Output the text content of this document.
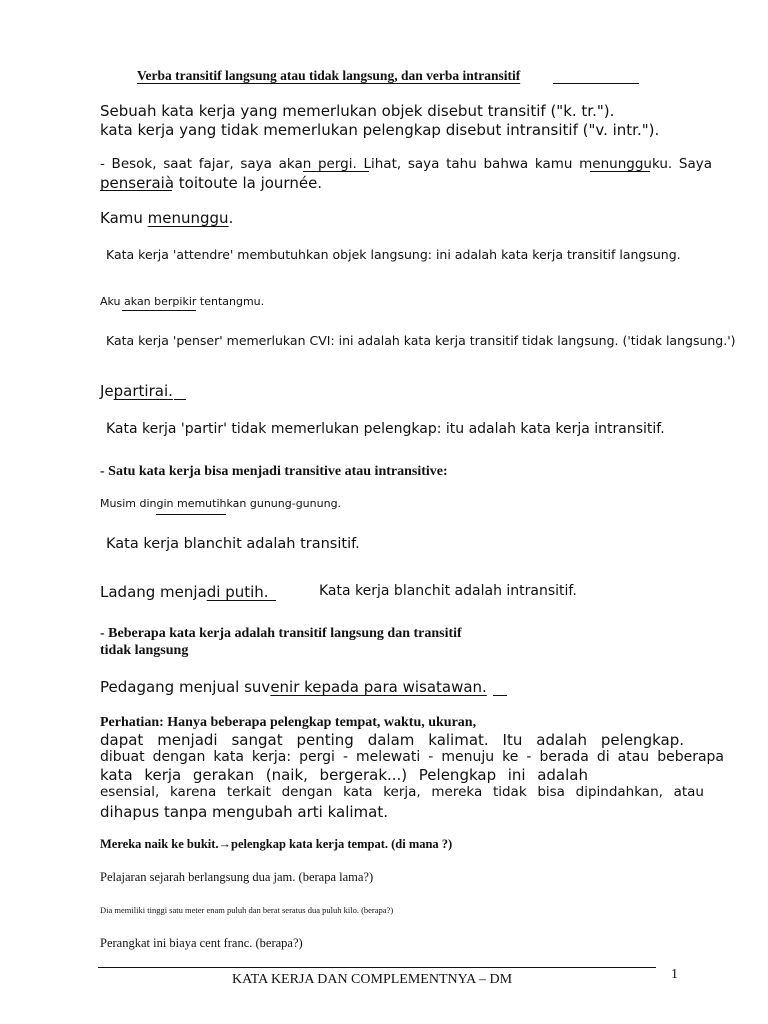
Verba transitif langsung atau tidak langsung, dan verba intransitif

Sebuah kata kerja yang memerlukan objek disebut transitif ("k. tr.").

kata kerja yang tidak memerlukan pelengkap disebut intransitif ("v. intr.").

- Besok, saat fajar, saya akan pergi. Lihat, saya tahu bahwa kamu menungguku. Saya

penseraià toitoute la journée.

Kamu menunggu.

Kata kerja 'attendre' membutuhkan objek langsung: ini adalah kata kerja transitif langsung.

Aku akan berpikir tentangmu.

Kata kerja 'penser' memerlukan CVI: ini adalah kata kerja transitif tidak langsung. ('tidak langsung.')

Jepartirai.

Kata kerja 'partir' tidak memerlukan pelengkap: itu adalah kata kerja intransitif.

- Satu kata kerja bisa menjadi transitive atau intransitive:

Musim dingin memutihkan gunung-gunung.

Kata kerja blanchit adalah transitif.

Ladang menjadi putih.	Kata kerja blanchit adalah intransitif.

- Beberapa kata kerja adalah transitif langsung dan transitif

tidak langsung

Pedagang menjual suvenir kepada para wisatawan.

Perhatian: Hanya beberapa pelengkap tempat, waktu, ukuran,

dapat menjadi sangat penting dalam kalimat. Itu adalah pelengkap.

dibuat dengan kata kerja: pergi - melewati - menuju ke - berada di atau beberapa

kata kerja gerakan (naik, bergerak...) Pelengkap ini adalah

esensial, karena terkait dengan kata kerja, mereka tidak bisa dipindahkan, atau

dihapus tanpa mengubah arti kalimat.

Mereka naik ke bukit.→pelengkap kata kerja tempat. (di mana ?)

Pelajaran sejarah berlangsung dua jam. (berapa lama?)

Dia memiliki tinggi satu meter enam puluh dan berat seratus dua puluh kilo. (berapa?)

Perangkat ini biaya cent franc. (berapa?)

KATA KERJA DAN COMPLEMENTNYA – DM	1
